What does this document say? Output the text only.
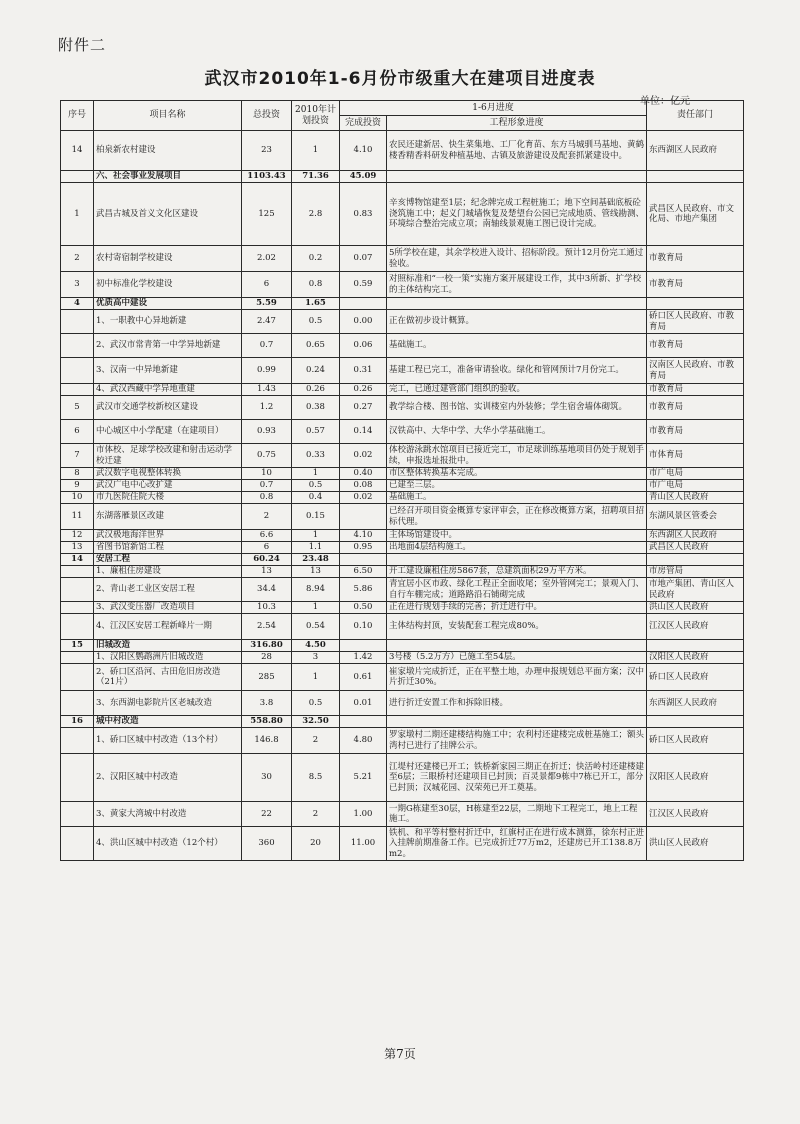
附件二
武汉市2010年1-6月份市级重大在建项目进度表
单位：亿元
序号	项目名称	总投资	2010年计划投资	1-6月进度		责任部门
				完成投资	工程形象进度	
14	柏泉新农村建设	23	1	4.10	农民还建新居、快生菜集地、工厂化育苗、东方马城驯马基地、黄鹤楼香精香料研发种植基地、古镇及旅游建设及配套抓紧建设中。	东西湖区人民政府
	六、社会事业发展项目	1103.43	71.36	45.09		
1	武昌古城及首义文化区建设	125	2.8	0.83	辛亥博物馆建至1层；纪念牌完成工程桩施工；地下空间基础底板砼浇筑施工中；起义门城墙恢复及楚望台公园已完成地质、管线勘测、环境综合整治完成立项；南轴线景观施工图已设计完成。	武昌区人民政府、市文化局、市地产集团
2	农村寄宿制学校建设	2.02	0.2	0.07	5所学校在建，其余学校进入设计、招标阶段。预计12月份完工通过验收。	市教育局
3	初中标准化学校建设	6	0.8	0.59	对照标准和“一校一策”实施方案开展建设工作，其中3所新、扩学校的主体结构完工。	市教育局
4	优质高中建设	5.59	1.65			
	1、一职教中心异地新建	2.47	0.5	0.00	正在做初步设计概算。	硚口区人民政府、市教育局
	2、武汉市常青第一中学异地新建	0.7	0.65	0.06	基础施工。	市教育局
	3、汉南一中异地新建	0.99	0.24	0.31	基建工程已完工，准备审请验收。绿化和管网预计7月份完工。	汉南区人民政府、市教育局
	4、武汉西藏中学异地重建	1.43	0.26	0.26	完工，已通过建管部门组织的验收。	市教育局
5	武汉市交通学校新校区建设	1.2	0.38	0.27	教学综合楼、图书馆、实训楼室内外装修；学生宿舍墙体砌筑。	市教育局
6	中心城区中小学配建（在建项目）	0.93	0.57	0.14	汉铁高中、大华中学、大华小学基础施工。	市教育局
7	市体校、足球学校改建和射击运动学校迁建	0.75	0.33	0.02	体校游泳跳水馆项目已接近完工，市足球训练基地项目仍处于规划手续，申报选址报批中。	市体育局
8	武汉数字电视整体转换	10	1	0.40	市区整体转换基本完成。	市广电局
9	武汉广电中心改扩建	0.7	0.5	0.08	已建至三层。	市广电局
10	市九医院住院大楼	0.8	0.4	0.02	基础施工。	青山区人民政府
11	东湖落雁景区改建	2	0.15		已经召开项目资金概算专家评审会，正在修改概算方案，招聘项目招标代理。	东湖风景区管委会
12	武汉极地海洋世界	6.6	1	4.10	主体场馆建设中。	东西湖区人民政府
13	省图书馆新馆工程	6	1.1	0.95	出地面4层结构施工。	武昌区人民政府
14	安居工程	60.24	23.48			
	1、廉租住房建设	13	13	6.50	开工建设廉租住房5867套，总建筑面积29万平方米。	市房管局
	2、青山老工业区安居工程	34.4	8.94	5.86	青宜居小区市政、绿化工程正全面收尾；室外管网完工；景观入门、自行车棚完成；道路路沿石铺砌完成	市地产集团、青山区人民政府
	3、武汉变压器厂改造项目	10.3	1	0.50	正在进行规划手续的完善；折迁进行中。	洪山区人民政府
	4、江汉区安居工程新峰片一期	2.54	0.54	0.10	主体结构封顶，安装配套工程完成80%。	江汉区人民政府
15	旧城改造	316.80	4.50			
	1、汉阳区鹦鹉洲片旧城改造	28	3	1.42	3号楼（5.2万方）已施工至54层。	汉阳区人民政府
	2、硚口区沿河、古田危旧房改造（21片）	285	1	0.61	崔家墩片完成折迁，正在平整土地，办理申报规划总平面方案；汉中片折迁30%。	硚口区人民政府
	3、东西湖电影院片区老城改造	3.8	0.5	0.01	进行折迁安置工作和拆除旧楼。	东西湖区人民政府
16	城中村改造	558.80	32.50			
	1、硚口区城中村改造（13个村）	146.8	2	4.80	罗家墩村二期还建楼结构施工中；农利村还建楼完成桩基施工；额头湾村已进行了挂牌公示。	硚口区人民政府
	2、汉阳区城中村改造	30	8.5	5.21	江堤村还建楼已开工；铁桥新家园三期正在折迁；快活岭村还建楼建至6层；三眼桥村还建项目已封顶；百灵景都9栋中7栋已开工，部分已封顶；汉城花园、汉荣苑已开工奠基。	汉阳区人民政府
	3、黄家大湾城中村改造	22	2	1.00	一期G栋建至30层，H栋建至22层，二期地下工程完工，地上工程施工。	江汉区人民政府
	4、洪山区城中村改造（12个村）	360	20	11.00	铁机、和平等村整村折迁中，红旗村正在进行成本测算，徐东村正进入挂牌前期准备工作。已完成折迁77万m2，还建房已开工138.8万m2。	洪山区人民政府
第7页
